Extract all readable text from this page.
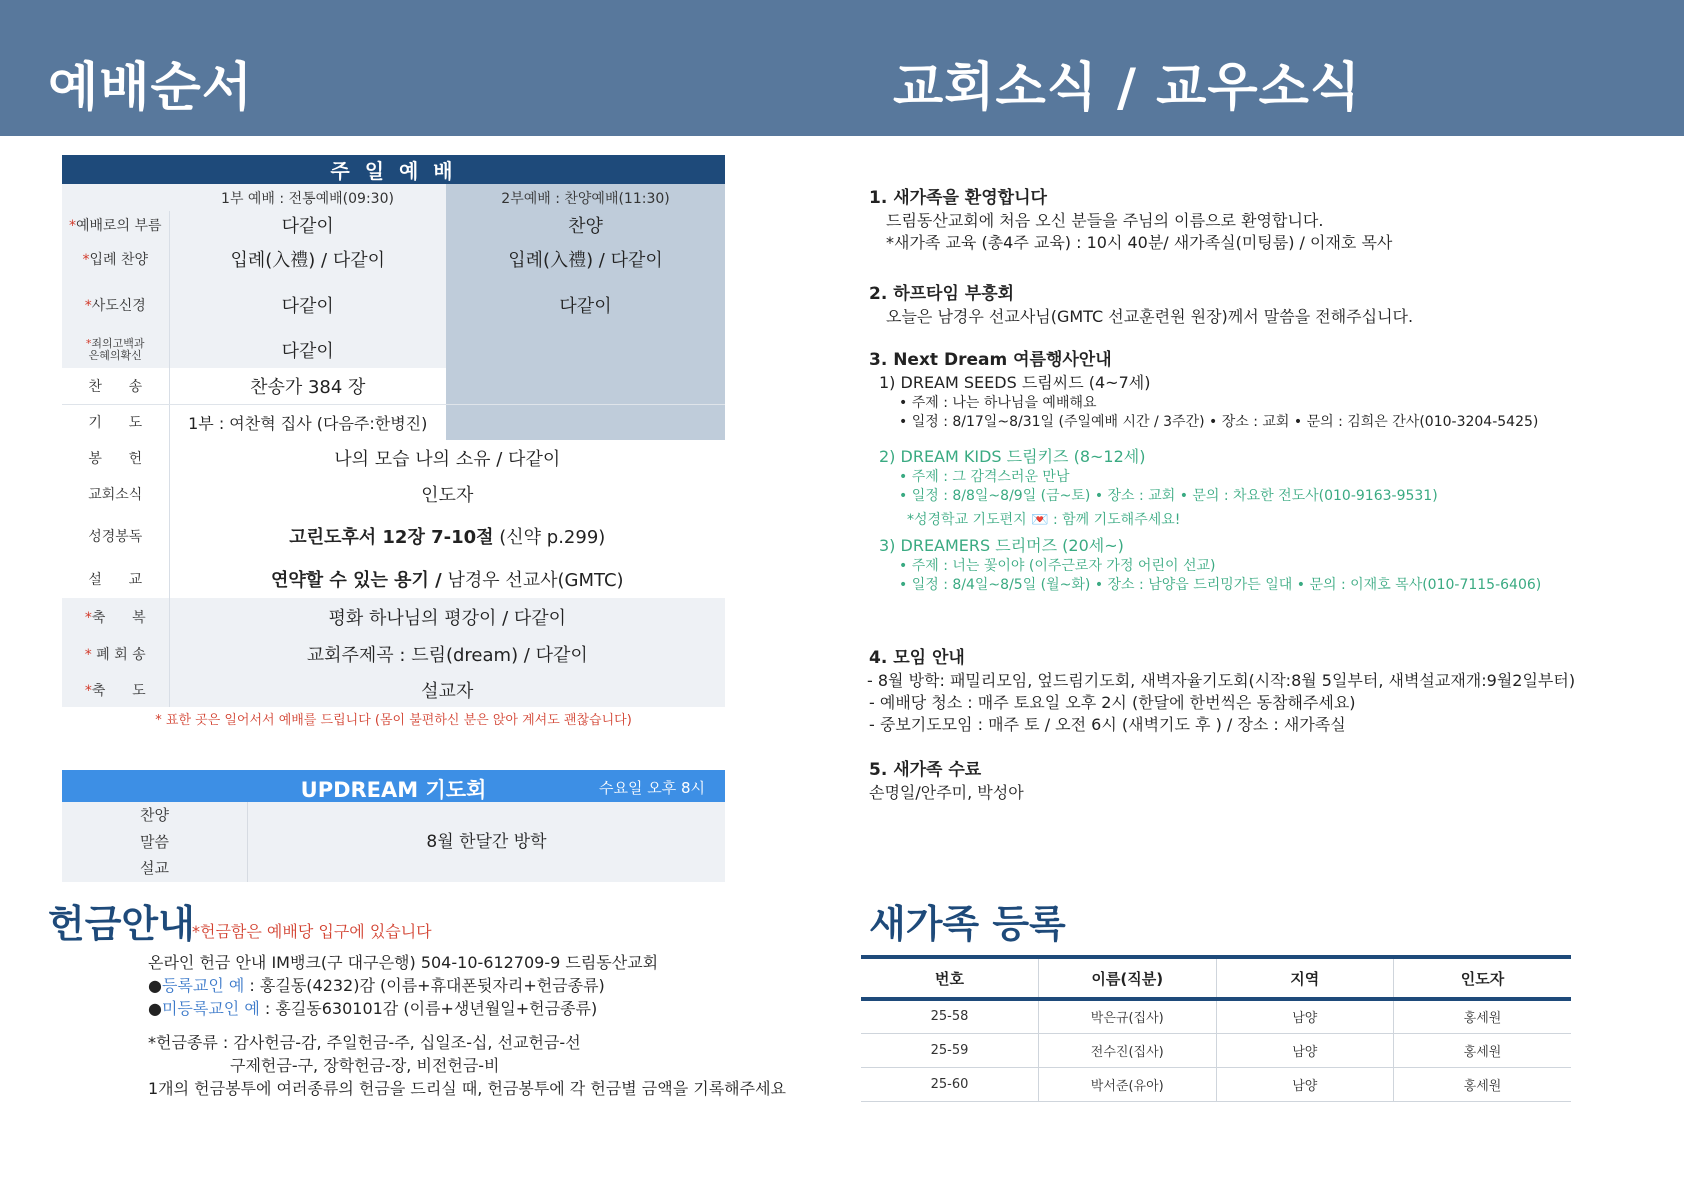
예배순서	교회소식 / 교우소식
주 일 예 배		
	1부 예배 : 전통예배(09:30)	2부예배 : 찬양예배(11:30)
*예배로의 부름	다같이	찬양
*입례 찬양	입례(入禮) / 다같이	입례(入禮) / 다같이
*사도신경	다같이	다같이
*죄의고백과
은혜의확신	다같이	
찬      송	찬송가 384 장	
기      도	1부 : 여찬혁 집사 (다음주:한병진)	
봉      헌	나의 모습 나의 소유 / 다같이	
교회소식	인도자	
성경봉독	고린도후서 12장 7-10절 (신약 p.299)	
설      교	연약할 수 있는 용기 / 남경우 선교사(GMTC)	
*축      복	평화 하나님의 평강이 / 다같이	
* 폐 회 송	교회주제곡 : 드림(dream) / 다같이	
*축      도	설교자	
* 표한 곳은 일어서서 예배를 드립니다 (몸이 불편하신 분은 앉아 계셔도 괜찮습니다)		
UPDREAM 기도회	수요일 오후 8시
찬양
말씀
설교
8월 한달간 방학
헌금안내
*헌금함은 예배당 입구에 있습니다
온라인 헌금 안내 IM뱅크(구 대구은행) 504-10-612709-9 드림동산교회
●등록교인 예 : 홍길동(4232)감 (이름+휴대폰뒷자리+헌금종류)
●미등록교인 예 : 홍길동630101감 (이름+생년월일+헌금종류)
*헌금종류 : 감사헌금-감, 주일헌금-주, 십일조-십, 선교헌금-선
구제헌금-구, 장학헌금-장, 비전헌금-비
1개의 헌금봉투에 여러종류의 헌금을 드리실 때, 헌금봉투에 각 헌금별 금액을 기록해주세요
1. 새가족을 환영합니다
드림동산교회에 처음 오신 분들을 주님의 이름으로 환영합니다.
*새가족 교육 (총4주 교육) : 10시 40분/ 새가족실(미팅룸) / 이재호 목사
2. 하프타임 부흥회
오늘은 남경우 선교사님(GMTC 선교훈련원 원장)께서 말씀을 전해주십니다.
3. Next Dream 여름행사안내
1) DREAM SEEDS 드림씨드 (4~7세)
• 주제 : 나는 하나님을 예배해요
• 일정 : 8/17일~8/31일 (주일예배 시간 / 3주간) • 장소 : 교회 • 문의 : 김희은 간사(010-3204-5425)
2) DREAM KIDS 드림키즈 (8~12세)
• 주제 : 그 감격스러운 만남
• 일정 : 8/8일~8/9일 (금~토) • 장소 : 교회 • 문의 : 차요한 전도사(010-9163-9531)
*성경학교 기도편지 💌 : 함께 기도해주세요!
3) DREAMERS 드리머즈 (20세~)
• 주제 : 너는 꽃이야 (이주근로자 가정 어린이 선교)
• 일정 : 8/4일~8/5일 (월~화) • 장소 : 남양읍 드리밍가든 일대 • 문의 : 이재호 목사(010-7115-6406)
4. 모임 안내
- 8월 방학: 패밀리모임, 엎드림기도회, 새벽자율기도회(시작:8월 5일부터, 새벽설교재개:9월2일부터)
- 예배당 청소 : 매주 토요일 오후 2시 (한달에 한번씩은 동참해주세요)
- 중보기도모임 : 매주 토 / 오전 6시 (새벽기도 후 ) / 장소 : 새가족실
5. 새가족 수료
손명일/안주미, 박성아
새가족 등록
번호	이름(직분)	지역	인도자
25-58	박은규(집사)	남양	홍세원
25-59	전수진(집사)	남양	홍세원
25-60	박서준(유아)	남양	홍세원
